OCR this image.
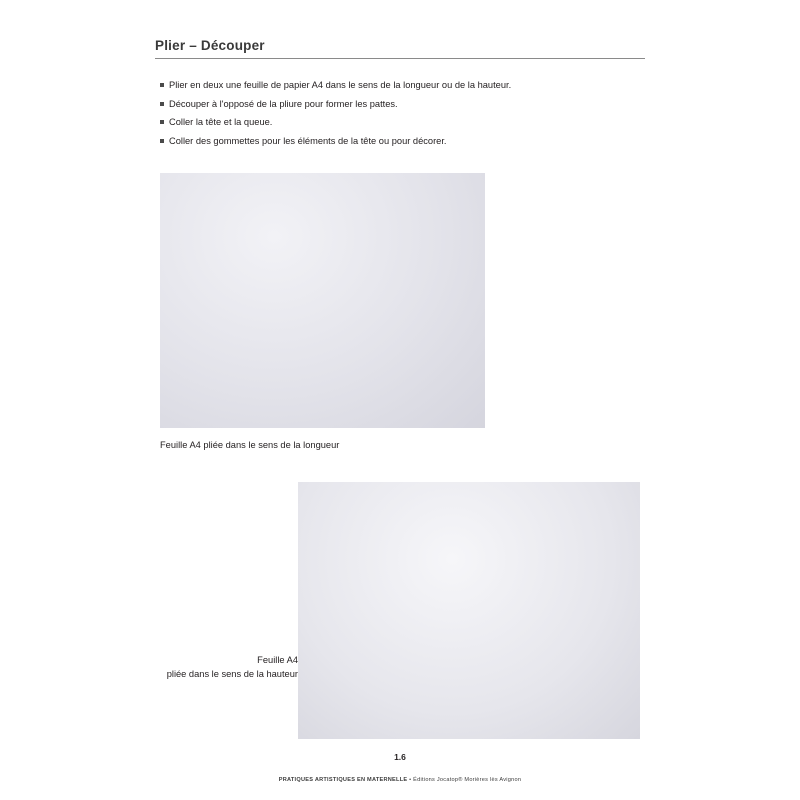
Plier – Découper
Plier en deux une feuille de papier A4 dans le sens de la longueur ou de la hauteur.
Découper à l'opposé de la pliure pour former les pattes.
Coller la tête et la queue.
Coller des gommettes pour les éléments de la tête ou pour décorer.
Feuille A4 pliée dans le sens de la longueur
Feuille A4
pliée dans le sens de la hauteur
1.6
PRATIQUES ARTISTIQUES EN MATERNELLE • Éditions Jocatop® Morières lès Avignon
